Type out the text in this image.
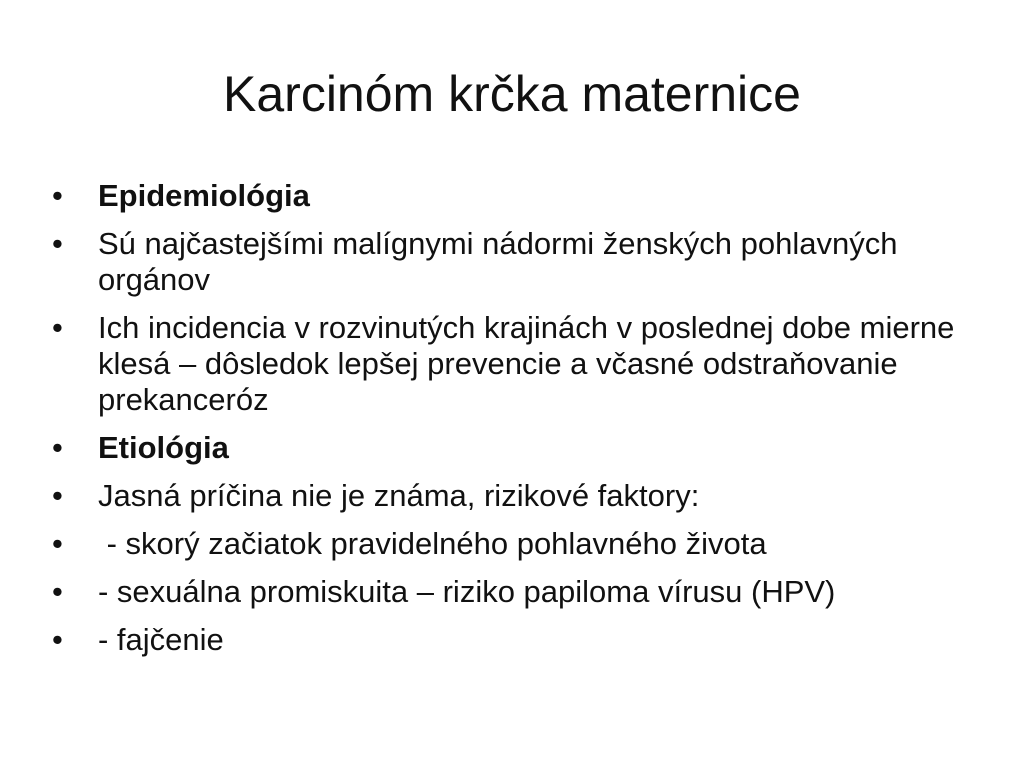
Karcinóm krčka maternice
•	Epidemiológia
•	Sú najčastejšími malígnymi nádormi ženských pohlavných orgánov
•	Ich incidencia v rozvinutých krajinách v poslednej dobe mierne klesá – dôsledok lepšej prevencie a včasné odstraňovanie prekanceróz
•	Etiológia
•	Jasná príčina nie je známa, rizikové faktory:
•	- skorý začiatok pravidelného pohlavného života
•	- sexuálna promiskuita – riziko papiloma vírusu (HPV)
•	- fajčenie
